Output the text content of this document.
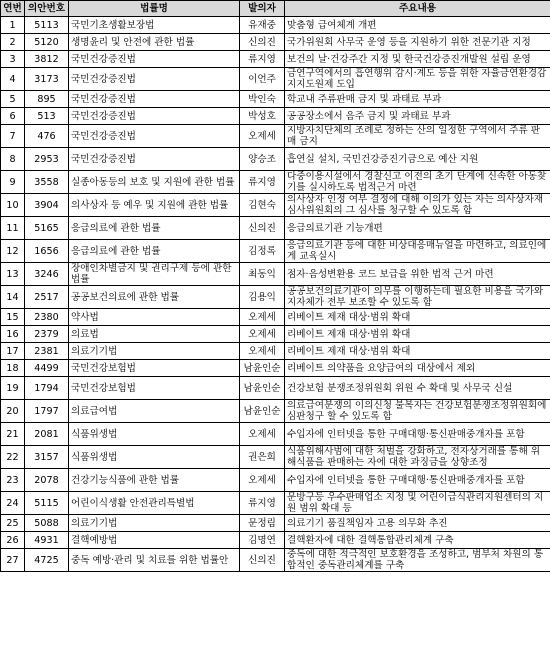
연번	의안번호	법률명	발의자	주요내용
1	5113	국민기초생활보장법	유재중	맞춤형 급여체계 개편
2	5120	생명윤리 및 안전에 관한 법률	신의진	국가위원회 사무국 운영 등을 지원하기 위한 전문기관 지정
3	3812	국민건강증진법	류지영	보건의 날·건강주간 지정 및 한국건강증진개발원 설립 운영
4	3173	국민건강증진법	이언주	금연구역에서의 흡연행위 감시·계도 등을 위한 자율금연환경감지지도원제 도입
5	895	국민건강증진법	박인숙	학교내 주류판매 금지 및 과태료 부과
6	513	국민건강증진법	박성호	공공장소에서 음주 금지 및 과태료 부과
7	476	국민건강증진법	오제세	지방자치단체의 조례로 정하는 산의 일정한 구역에서 주류 판매 금지
8	2953	국민건강증진법	양승조	흡연실 설치, 국민건강증진기금으로 예산 지원
9	3558	실종아동등의 보호 및 지원에 관한 법률	류지영	다중이용시설에서 경찰신고 이전의 초기 단계에 신속한 아동찾기를 실시하도록 법적근거 마련
10	3904	의사상자 등 예우 및 지원에 관한 법률	김현숙	의사상자 인정 여부 결정에 대해 이의가 있는 자는 의사상자재심사위원회의 그 심사를 청구할 수 있도록 함
11	5165	응급의료에 관한 법률	신의진	응급의료기관 기능개편
12	1656	응급의료에 관한 법률	김정록	응급의료기관 등에 대한 비상대응매뉴얼을 마련하고, 의료인에게 교육실시
13	3246	장애인차별금지 및 권리구제 등에 관한 법률	최동익	점자·음성변환용 코드 보급을 위한 법적 근거 마련
14	2517	공공보건의료에 관한 법률	김용익	공공보건의료기관이 의무를 이행하는데 필요한 비용을 국가와 지자체가 전부 보조할 수 있도록 함
15	2380	약사법	오제세	리베이트 제재 대상·범위 확대
16	2379	의료법	오제세	리베이트 제재 대상·범위 확대
17	2381	의료기기법	오제세	리베이트 제재 대상·범위 확대
18	4499	국민건강보험법	남윤인순	리베이트 의약품을 요양급여의 대상에서 제외
19	1794	국민건강보험법	남윤인순	건강보험 분쟁조정위원회 위원 수 확대 및 사무국 신설
20	1797	의료급여법	남윤인순	의료급여분쟁의 이의신청 불복자는 건강보험분쟁조정위원회에 심판청구 할 수 있도록 함
21	2081	식품위생법	오제세	수입자에 인터넷을 통한 구매대행·통신판매중개자를 포함
22	3157	식품위생법	권은희	식품위해사범에 대한 처벌을 강화하고, 전자상거래를 통해 위해식품을 판매하는 자에 대한 과징금을 상향조정
23	2078	건강기능식품에 관한 법률	오제세	수입자에 인터넷을 통한 구매대행·통신판매중개자를 포함
24	5115	어린이식생활 안전관리특별법	류지영	문방구등 우수판매업소 지정 및 어린이급식관리지원센터의 지원 범위 확대 등
25	5088	의료기기법	문정림	의료기기 품질책임자 고용 의무화 추진
26	4931	결핵예방법	김명연	결핵환자에 대한 결핵통합관리체계 구축
27	4725	중독 예방·관리 및 치료를 위한 법률안	신의진	중독에 대한 적극적인 보호환경을 조성하고, 범부처 차원의 통합적인 중독관리체계를 구축
